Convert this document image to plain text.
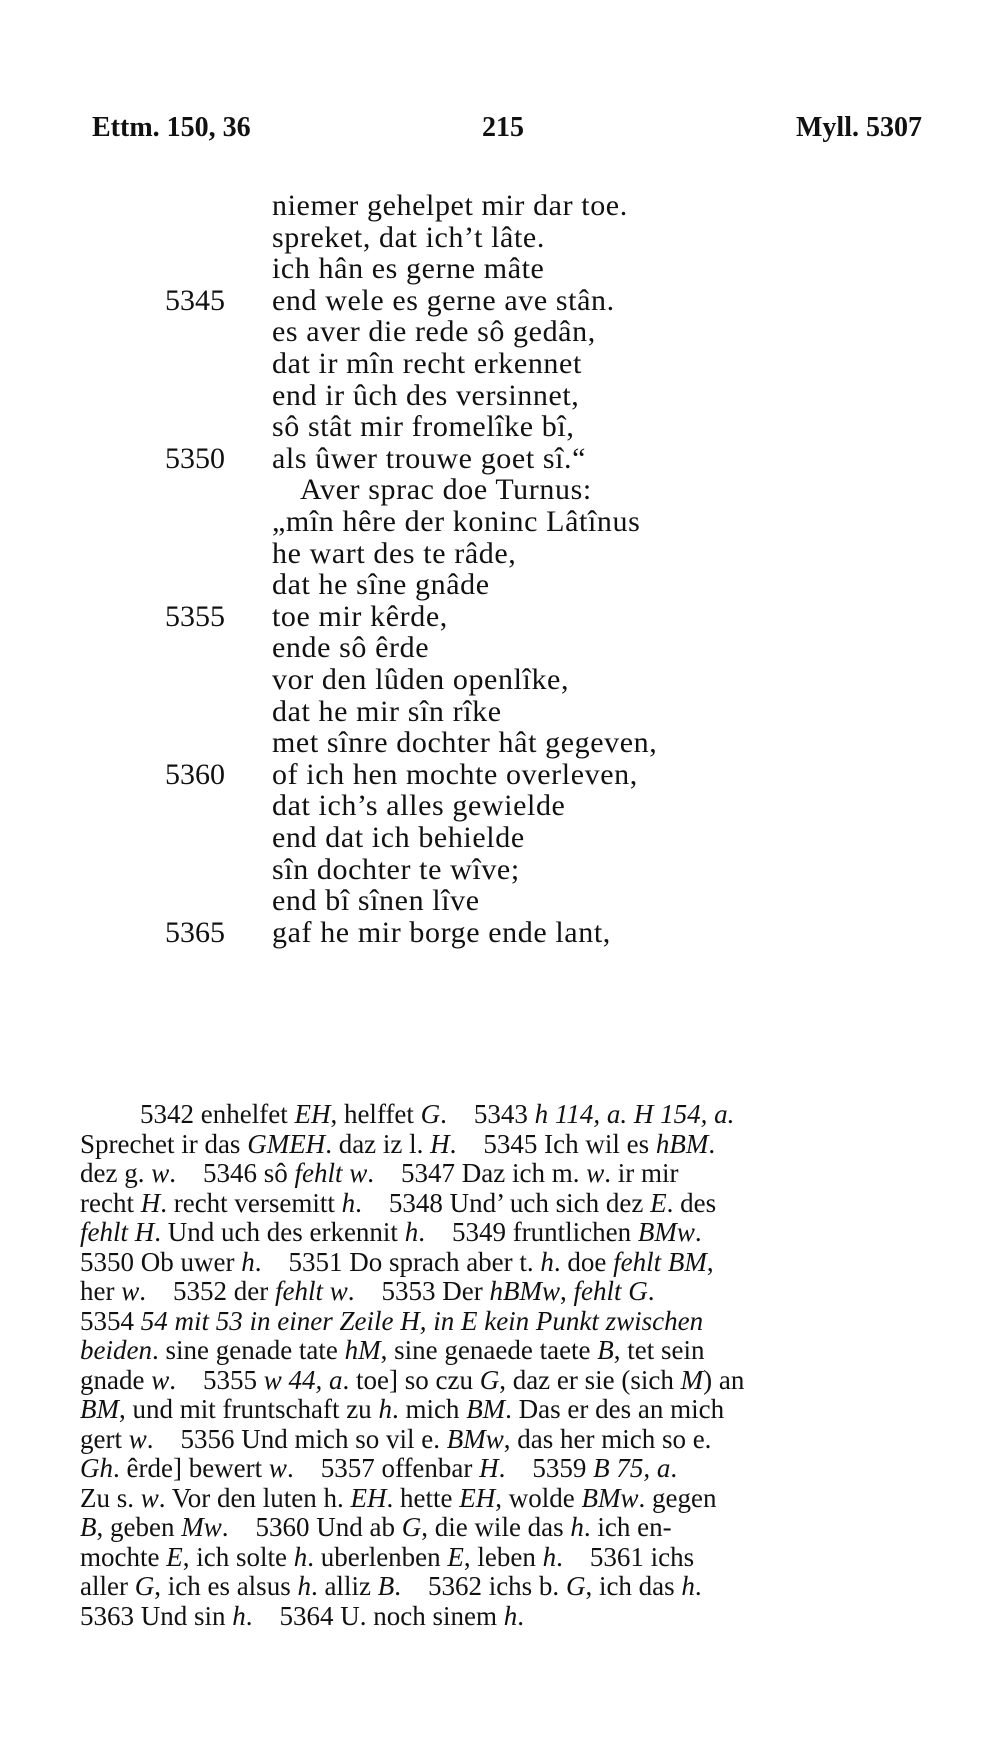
Ettm. 150, 36	215	Myll. 5307
niemer gehelpet mir dar toe.
spreket, dat ich’t lâte.
ich hân es gerne mâte
5345	end wele es gerne ave stân.
es aver die rede sô gedân,
dat ir mîn recht erkennet
end ir ûch des versinnet,
sô stât mir fromelîke bî,
5350	als ûwer trouwe goet sî.“
Aver sprac doe Turnus:
„mîn hêre der koninc Lâtînus
he wart des te râde,
dat he sîne gnâde
5355	toe mir kêrde,
ende sô êrde
vor den lûden openlîke,
dat he mir sîn rîke
met sînre dochter hât gegeven,
5360	of ich hen mochte overleven,
dat ich’s alles gewielde
end dat ich behielde
sîn dochter te wîve;
end bî sînen lîve
5365	gaf he mir borge ende lant,
5342 enhelfet EH, helffet G.    5343 h 114, a. H 154, a.
Sprechet ir das GMEH. daz iz l. H.    5345 Ich wil es hBM.
dez g. w.    5346 sô fehlt w.    5347 Daz ich m. w. ir mir
recht H. recht versemitt h.    5348 Und’ uch sich dez E. des
fehlt H. Und uch des erkennit h.    5349 fruntlichen BMw.
5350 Ob uwer h.    5351 Do sprach aber t. h. doe fehlt BM,
her w.    5352 der fehlt w.    5353 Der hBMw, fehlt G.
5354 54 mit 53 in einer Zeile H, in E kein Punkt zwischen
beiden. sine genade tate hM, sine genaede taete B, tet sein
gnade w.    5355 w 44, a. toe] so czu G, daz er sie (sich M) an
BM, und mit fruntschaft zu h. mich BM. Das er des an mich
gert w.    5356 Und mich so vil e. BMw, das her mich so e.
Gh. êrde] bewert w.    5357 offenbar H.    5359 B 75, a.
Zu s. w. Vor den luten h. EH. hette EH, wolde BMw. gegen
B, geben Mw.    5360 Und ab G, die wile das h. ich en-
mochte E, ich solte h. uberlenben E, leben h.    5361 ichs
aller G, ich es alsus h. alliz B.    5362 ichs b. G, ich das h.
5363 Und sin h.    5364 U. noch sinem h.
